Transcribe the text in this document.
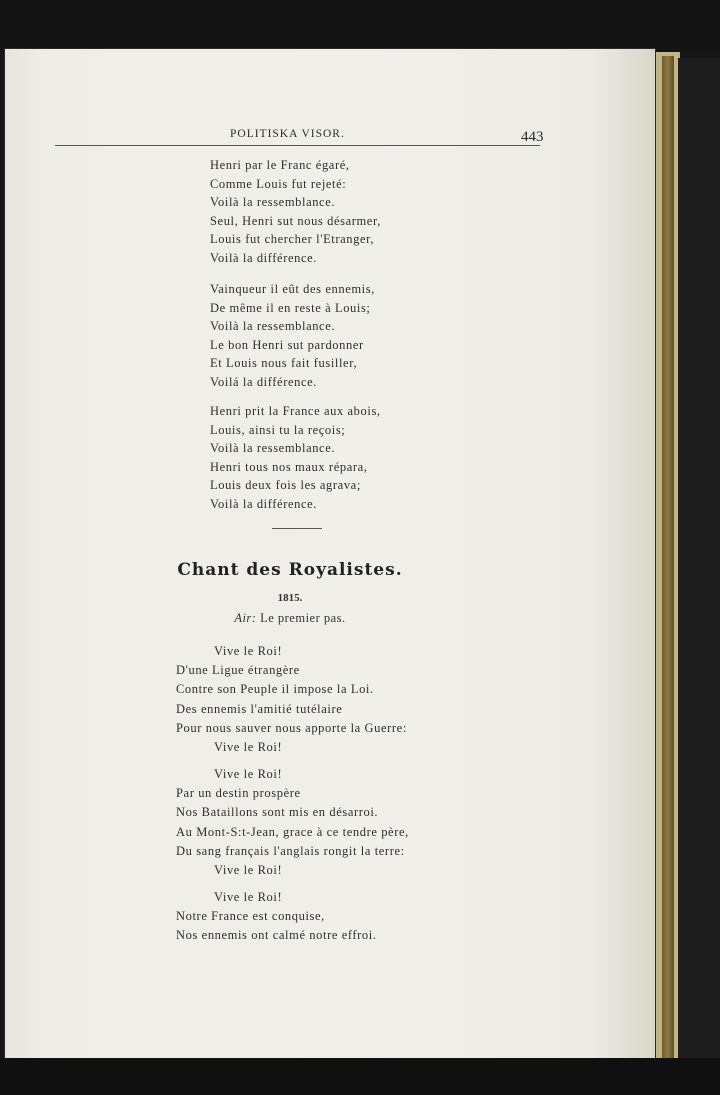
POLITISKA VISOR.	443
Henri par le Franc égaré,
Comme Louis fut rejeté:
Voilà la ressemblance.
Seul, Henri sut nous désarmer,
Louis fut chercher l'Etranger,
Voilà la différence.
Vainqueur il eût des ennemis,
De même il en reste à Louis;
Voilà la ressemblance.
Le bon Henri sut pardonner
Et Louis nous fait fusiller,
Voilá la différence.
Henri prit la France aux abois,
Louis, ainsi tu la reçois;
Voilà la ressemblance.
Henri tous nos maux répara,
Louis deux fois les agrava;
Voilà la différence.
Chant des Royalistes.
1815.
Air: Le premier pas.
Vive le Roi!
D'une Ligue étrangère
Contre son Peuple il impose la Loi.
Des ennemis l'amitié tutélaire
Pour nous sauver nous apporte la Guerre:
Vive le Roi!
Vive le Roi!
Par un destin prospère
Nos Bataillons sont mis en désarroi.
Au Mont-S:t-Jean, grace à ce tendre père,
Du sang français l'anglais rongit la terre:
Vive le Roi!
Vive le Roi!
Notre France est conquise,
Nos ennemis ont calmé notre effroi.
